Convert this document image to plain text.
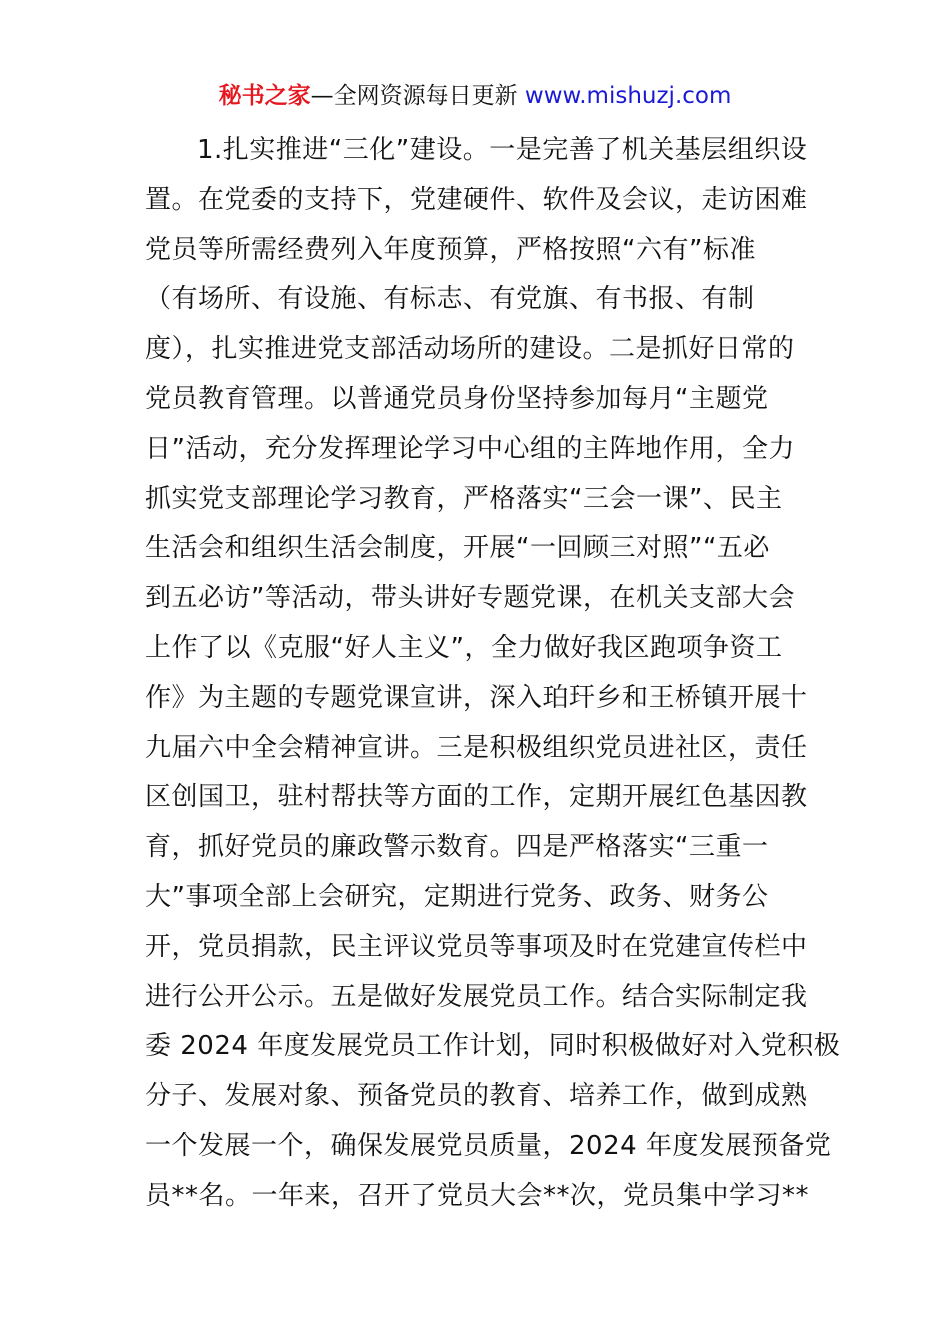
秘书之家—全网资源每日更新 www.mishuzj.com
1.扎实推进“三化”建设。一是完善了机关基层组织设
置。在党委的支持下，党建硬件、软件及会议，走访困难
党员等所需经费列入年度预算，严格按照“六有”标准
（有场所、有设施、有标志、有党旗、有书报、有制
度），扎实推进党支部活动场所的建设。二是抓好日常的
党员教育管理。以普通党员身份坚持参加每月“主题党
日”活动，充分发挥理论学习中心组的主阵地作用，全力
抓实党支部理论学习教育，严格落实“三会一课”、民主
生活会和组织生活会制度，开展“一回顾三对照”“五必
到五必访”等活动，带头讲好专题党课，在机关支部大会
上作了以《克服“好人主义”，全力做好我区跑项争资工
作》为主题的专题党课宣讲，深入珀玕乡和王桥镇开展十
九届六中全会精神宣讲。三是积极组织党员进社区，责任
区创国卫，驻村帮扶等方面的工作，定期开展红色基因教
育，抓好党员的廉政警示数育。四是严格落实“三重一
大”事项全部上会研究，定期进行党务、政务、财务公
开，党员捐款，民主评议党员等事项及时在党建宣传栏中
进行公开公示。五是做好发展党员工作。结合实际制定我
委 2024 年度发展党员工作计划，同时积极做好对入党积极
分子、发展对象、预备党员的教育、培养工作，做到成熟
一个发展一个，确保发展党员质量，2024 年度发展预备党
员**名。一年来，召开了党员大会**次，党员集中学习**
